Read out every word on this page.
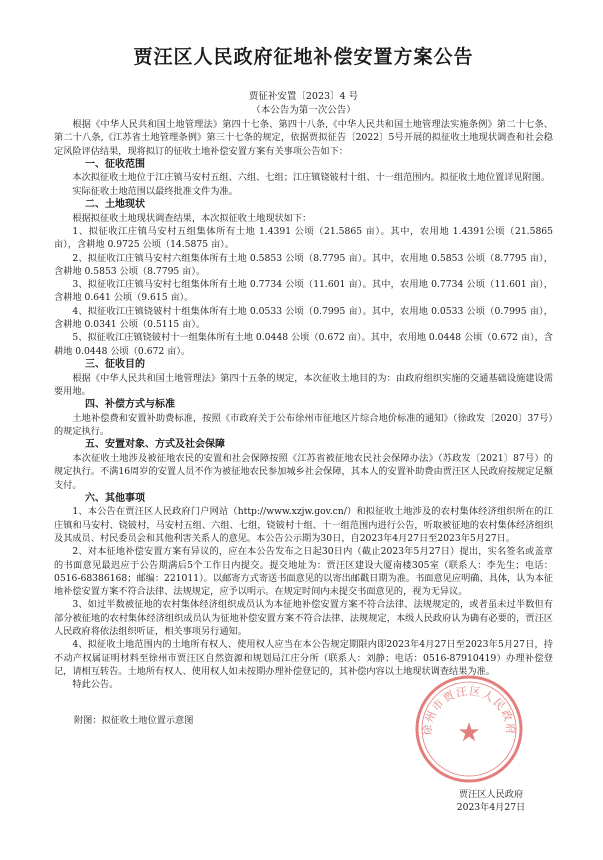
贾汪区人民政府征地补偿安置方案公告

贾征补安置〔2023〕4 号

（本公告为第一次公告）

根据《中华人民共和国土地管理法》第四十七条、第四十八条,《中华人民共和国土地管理法实施条例》第二十七条、第二十八条,《江苏省土地管理条例》第三十七条的规定，依据贾拟征告〔2022〕5号开展的拟征收土地现状调查和社会稳定风险评估结果，现将拟订的征收土地补偿安置方案有关事项公告如下：

一、征收范围

本次拟征收土地位于江庄镇马安村五组、六组、七组；江庄镇铙铍村十组、十一组范围内。拟征收土地位置详见附图。

实际征收土地范围以最终批准文件为准。

二、土地现状

根据拟征收土地现状调查结果，本次拟征收土地现状如下：

1、拟征收江庄镇马安村五组集体所有土地 1.4391 公顷（21.5865 亩）。其中，农用地 1.4391公顷（21.5865 亩），含耕地 0.9725 公顷（14.5875 亩）。

2、拟征收江庄镇马安村六组集体所有土地 0.5853 公顷（8.7795 亩）。其中，农用地 0.5853 公顷（8.7795 亩），含耕地 0.5853 公顷（8.7795 亩）。

3、拟征收江庄镇马安村七组集体所有土地 0.7734 公顷（11.601 亩）。其中，农用地 0.7734 公顷（11.601 亩），含耕地 0.641 公顷（9.615 亩）。

4、拟征收江庄镇铙铍村十组集体所有土地 0.0533 公顷（0.7995 亩）。其中，农用地 0.0533 公顷（0.7995 亩），含耕地 0.0341 公顷（0.5115 亩）。

5、拟征收江庄镇铙铍村十一组集体所有土地 0.0448 公顷（0.672 亩）。其中，农用地 0.0448 公顷（0.672 亩），含耕地 0.0448 公顷（0.672 亩）。

三、征收目的

根据《中华人民共和国土地管理法》第四十五条的规定，本次征收土地目的为：由政府组织实施的交通基础设施建设需要用地。

四、补偿方式与标准

土地补偿费和安置补助费标准，按照《市政府关于公布徐州市征地区片综合地价标准的通知》（徐政发〔2020〕37号）的规定执行。

五、安置对象、方式及社会保障

本次征收土地涉及被征地农民的安置和社会保障按照《江苏省被征地农民社会保障办法》（苏政发〔2021〕87号）的规定执行。不满16周岁的安置人员不作为被征地农民参加城乡社会保障，其本人的安置补助费由贾汪区人民政府按规定足额支付。

六、其他事项

1、本公告在贾汪区人民政府门户网站（http://www.xzjw.gov.cn/）和拟征收土地涉及的农村集体经济组织所在的江庄镇和马安村、铙铍村，马安村五组、六组、七组，铙铍村十组、十一组范围内进行公告，听取被征地的农村集体经济组织及其成员、村民委员会和其他利害关系人的意见。本公告公示期为30日，自2023年4月27日至2023年5月27日。

2、对本征地补偿安置方案有异议的，应在本公告发布之日起30日内（截止2023年5月27日）提出，实名签名或盖章的书面意见最迟应于公告期满后5个工作日内提交。提交地址为：贾汪区建设大厦南楼305室（联系人：李先生；电话：0516-68386168；邮编：221011）。以邮寄方式寄送书面意见的以寄出邮戳日期为准。书面意见应明确、具体，认为本征地补偿安置方案不符合法律、法规规定，应予以明示。在规定时间内未提交书面意见的，视为无异议。

3、如过半数被征地的农村集体经济组织成员认为本征地补偿安置方案不符合法律、法规规定的，或者虽未过半数但有部分被征地的农村集体经济组织成员认为征地补偿安置方案不符合法律、法规规定，本级人民政府认为确有必要的，贾汪区人民政府将依法组织听证，相关事项另行通知。

4、拟征收土地范围内的土地所有权人、使用权人应当在本公告规定期限内即2023年4月27日至2023年5月27日，持不动产权属证明材料至徐州市贾汪区自然资源和规划局江庄分所（联系人：刘静；电话：0516-87910419）办理补偿登记，请相互转告。土地所有权人、使用权人如未按期办理补偿登记的，其补偿内容以土地现状调查结果为准。

特此公告。

附图：拟征收土地位置示意图

徐州市贾汪区人民政府
★
贾汪区人民政府
2023年4月27日
